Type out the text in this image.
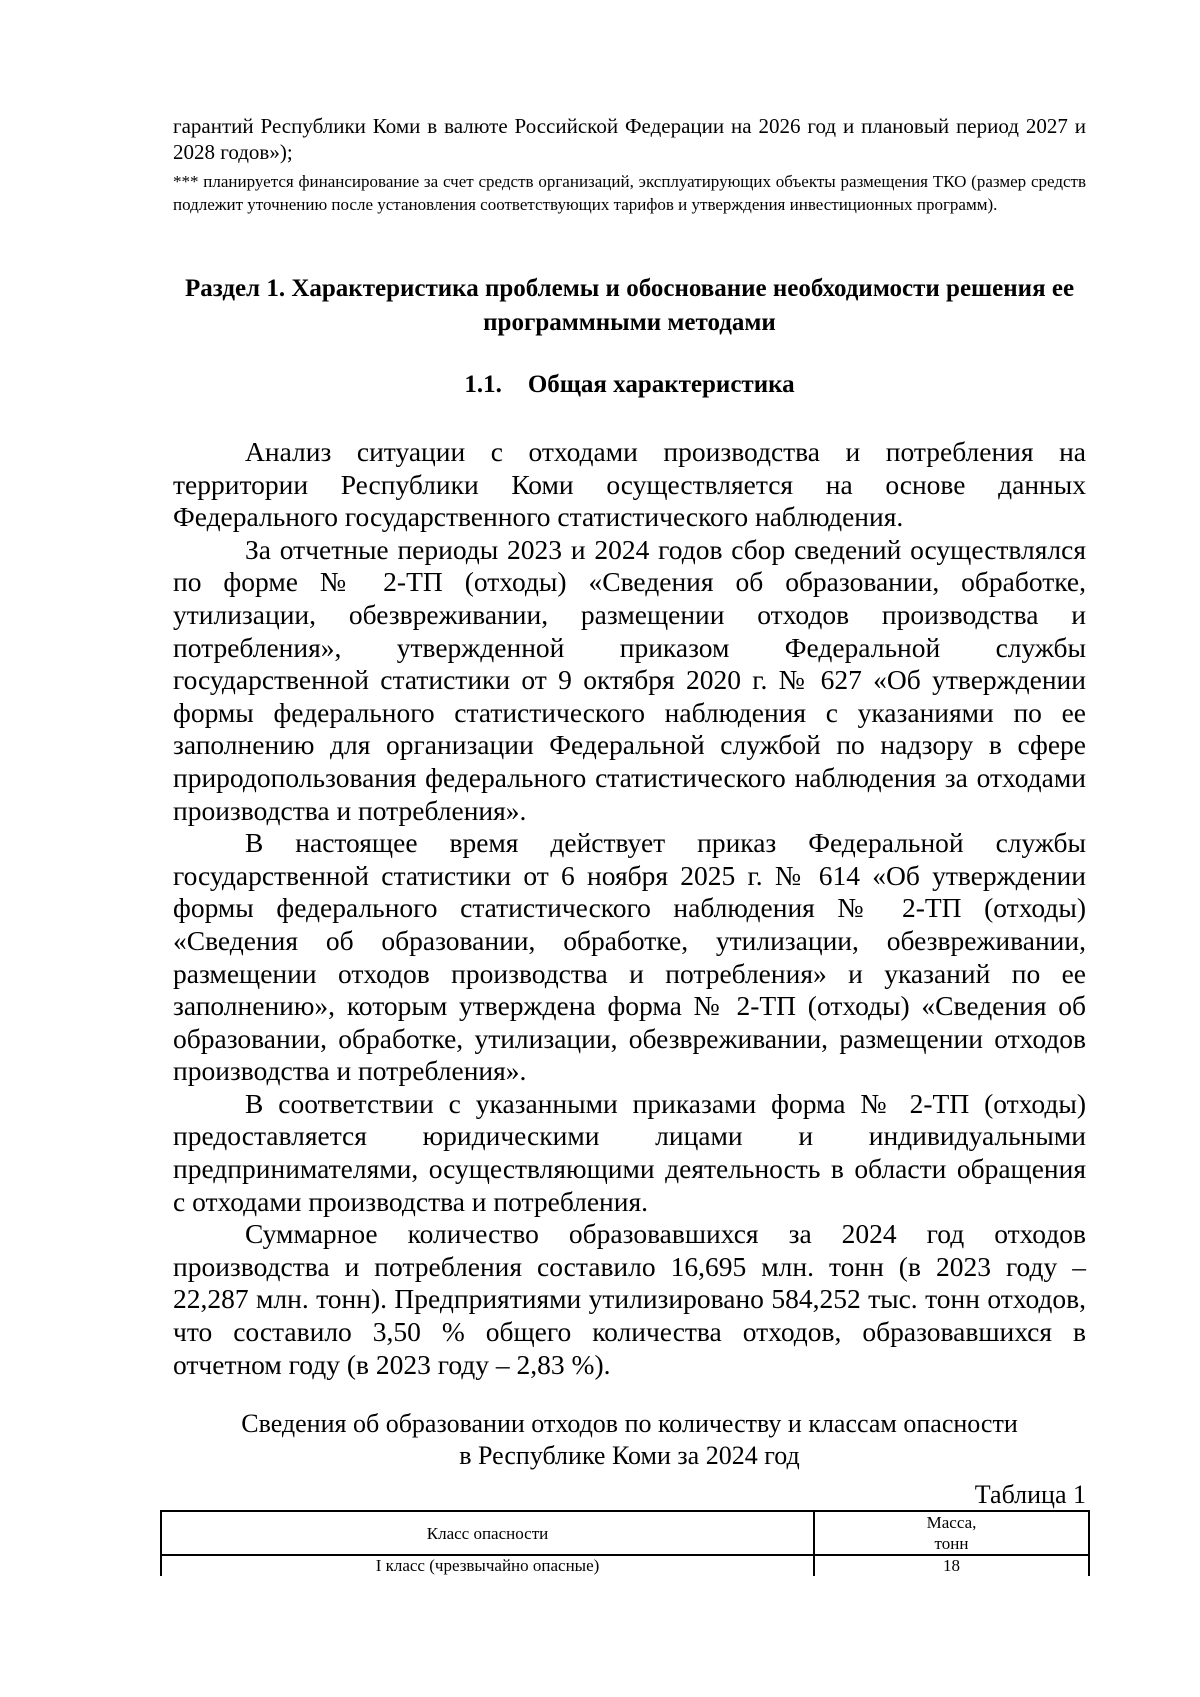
гарантий Республики Коми в валюте Российской Федерации на 2026 год и плановый период 2027 и 2028 годов»);

*** планируется финансирование за счет средств организаций, эксплуатирующих объекты размещения ТКО (размер средств подлежит уточнению после установления соответствующих тарифов и утверждения инвестиционных программ).

Раздел 1. Характеристика проблемы и обоснование необходимости решения ее программными методами
1.1. Общая характеристика

Анализ ситуации с отходами производства и потребления на территории Республики Коми осуществляется на основе данных Федерального государственного статистического наблюдения.

За отчетные периоды 2023 и 2024 годов сбор сведений осуществлялся по форме № 2-ТП (отходы) «Сведения об образовании, обработке, утилизации, обезвреживании, размещении отходов производства и потребления», утвержденной приказом Федеральной службы государственной статистики от 9 октября 2020 г. № 627 «Об утверждении формы федерального статистического наблюдения с указаниями по ее заполнению для организации Федеральной службой по надзору в сфере природопользования федерального статистического наблюдения за отходами производства и потребления».

В настоящее время действует приказ Федеральной службы государственной статистики от 6 ноября 2025 г. № 614 «Об утверждении формы федерального статистического наблюдения № 2-ТП (отходы) «Сведения об образовании, обработке, утилизации, обезвреживании, размещении отходов производства и потребления» и указаний по ее заполнению», которым утверждена форма № 2-ТП (отходы) «Сведения об образовании, обработке, утилизации, обезвреживании, размещении отходов производства и потребления».

В соответствии с указанными приказами форма № 2-ТП (отходы) предоставляется юридическими лицами и индивидуальными предпринимателями, осуществляющими деятельность в области обращения с отходами производства и потребления.

Суммарное количество образовавшихся за 2024 год отходов производства и потребления составило 16,695 млн. тонн (в 2023 году – 22,287 млн. тонн). Предприятиями утилизировано 584,252 тыс. тонн отходов, что составило 3,50 % общего количества отходов, образовавшихся в отчетном году (в 2023 году – 2,83 %).

Сведения об образовании отходов по количеству и классам опасности
в Республике Коми за 2024 год

Таблица 1

Класс опасности	Масса,
тонн
I класс (чрезвычайно опасные)	18
